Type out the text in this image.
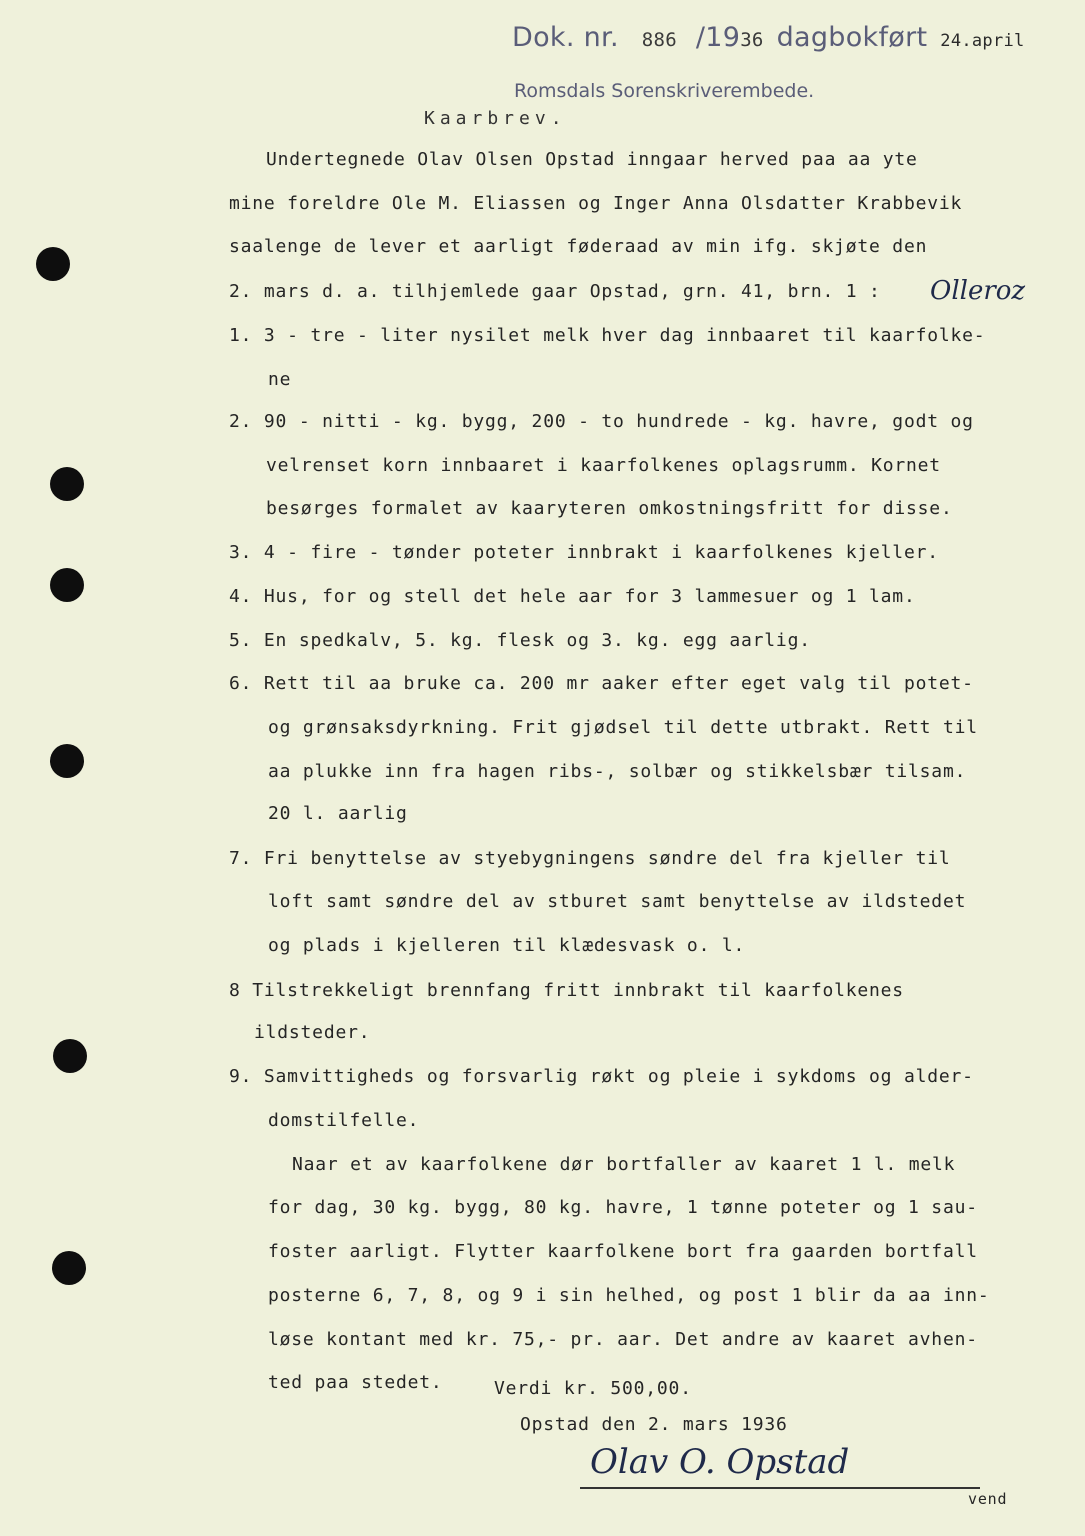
Dok. nr. 886 /1936 dagbokført 24.april
Romsdals Sorenskriverembede.
Kaarbrev.
Undertegnede Olav Olsen Opstad inngaar herved paa aa yte
mine foreldre Ole M. Eliassen og Inger Anna Olsdatter Krabbevik
saalenge de lever et aarligt føderaad av min ifg. skjøte den
2. mars d. a. tilhjemlede gaar Opstad, grn. 41, brn. 1 : Olleroz
1. 3 - tre - liter nysilet melk hver dag innbaaret til kaarfolke-
ne
2. 90 - nitti - kg. bygg, 200 - to hundrede - kg. havre, godt og
velrenset korn innbaaret i kaarfolkenes oplagsrumm. Kornet
besørges formalet av kaaryteren omkostningsfritt for disse.
3. 4 - fire - tønder poteter innbrakt i kaarfolkenes kjeller.
4. Hus, for og stell det hele aar for 3 lammesuer og 1 lam.
5. En spedkalv, 5. kg. flesk og 3. kg. egg aarlig.
6. Rett til aa bruke ca. 200 mr aaker efter eget valg til potet-
og grønsaksdyrkning. Frit gjødsel til dette utbrakt. Rett til
aa plukke inn fra hagen ribs-, solbær og stikkelsbær tilsam.
20 l. aarlig
7. Fri benyttelse av styebygningens søndre del fra kjeller til
loft samt søndre del av stburet samt benyttelse av ildstedet
og plads i kjelleren til klædesvask o. l.
8 Tilstrekkeligt brennfang fritt innbrakt til kaarfolkenes
ildsteder.
9. Samvittigheds og forsvarlig røkt og pleie i sykdoms og alder-
domstilfelle.
Naar et av kaarfolkene dør bortfaller av kaaret 1 l. melk
for dag, 30 kg. bygg, 80 kg. havre, 1 tønne poteter og 1 sau-
foster aarligt. Flytter kaarfolkene bort fra gaarden bortfall
posterne 6, 7, 8, og 9 i sin helhed, og post 1 blir da aa inn-
løse kontant med kr. 75,- pr. aar. Det andre av kaaret avhen-
ted paa stedet.	Verdi kr. 500,00.
Opstad den 2. mars 1936
Olav O. Opstad
vend
